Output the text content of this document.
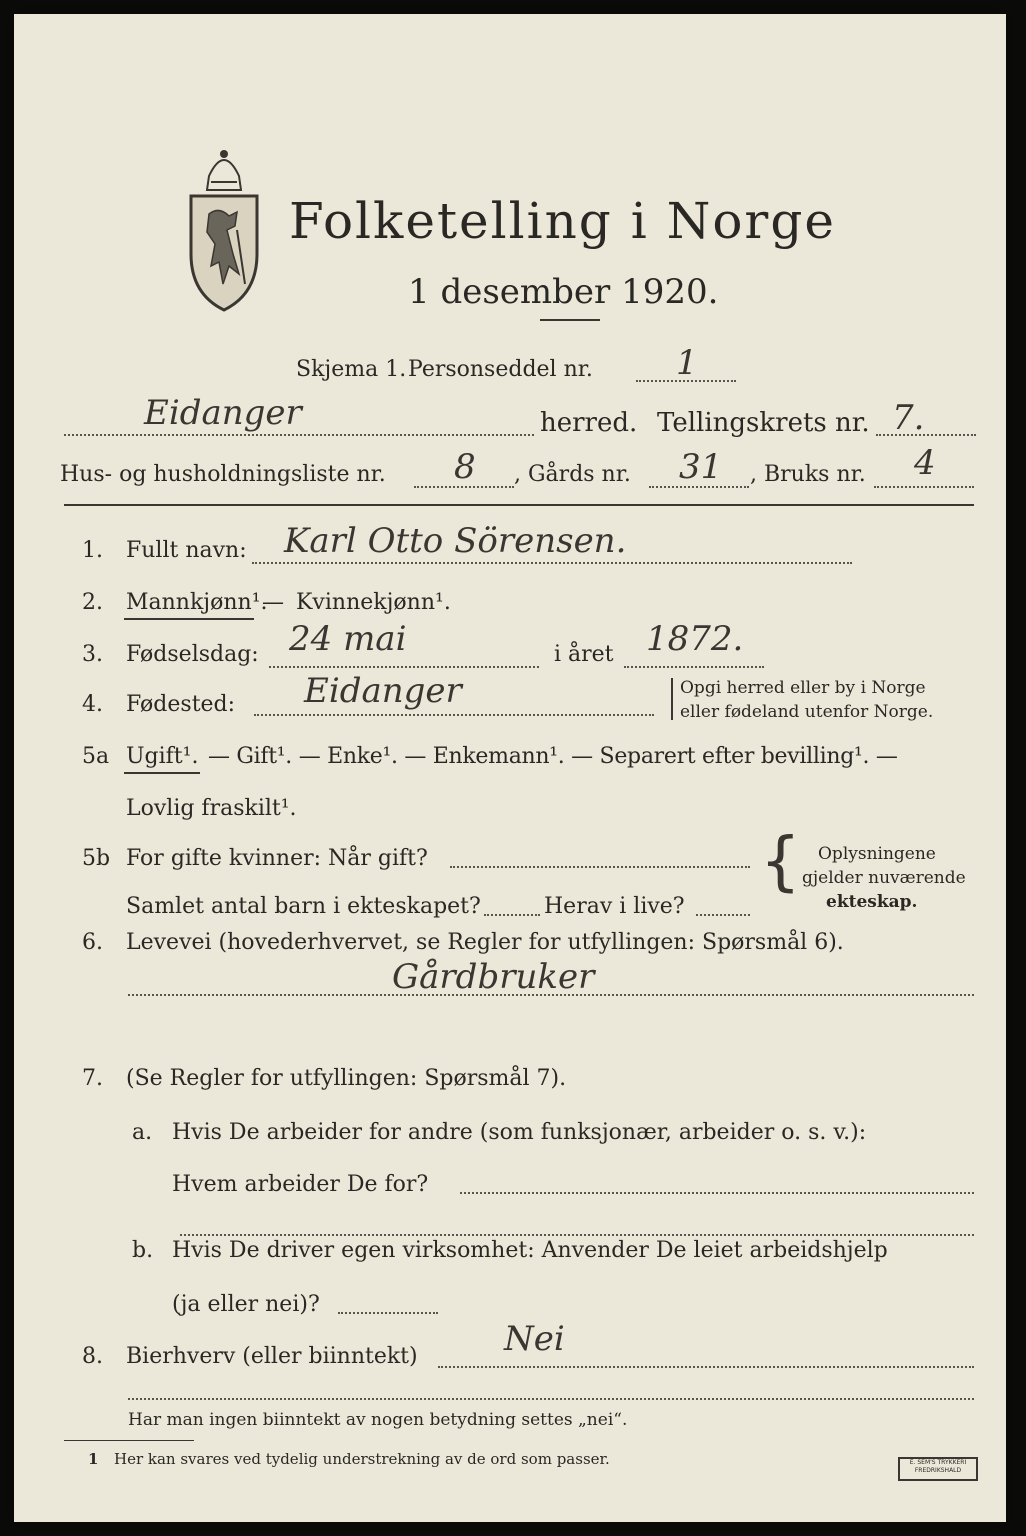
Folketelling i Norge
1 desember 1920.
Skjema 1. Personseddel nr. 1
Eidanger	herred. Tellingskrets nr. 7.
Hus- og husholdningsliste nr. 8 , Gårds nr. 31 , Bruks nr. 4
1. Fullt navn: Karl Otto Sörensen.
2. Mannkjønn¹.
— Kvinnekjønn¹.
3. Fødselsdag: 24 mai	i året 1872.
4. Fødested: Eidanger	Opgi herred eller by i Norge
eller fødeland utenfor Norge.
5a Ugift¹. — Gift¹. — Enke¹. — Enkemann¹. — Separert efter bevilling¹. —
Lovlig fraskilt¹.
5b For gifte kvinner: Når gift?
Samlet antal barn i ekteskapet?	Herav i live?
{ Oplysningene
gjelder nuværende
ekteskap.
6. Levevei (hovederhvervet, se Regler for utfyllingen: Spørsmål 6).
Gårdbruker
7. (Se Regler for utfyllingen: Spørsmål 7).
a. Hvis De arbeider for andre (som funksjonær, arbeider o. s. v.):
Hvem arbeider De for?
b. Hvis De driver egen virksomhet: Anvender De leiet arbeidshjelp
(ja eller nei)?
8. Bierhverv (eller biinntekt)	Nei
Har man ingen biinntekt av nogen betydning settes „nei“.
1 Her kan svares ved tydelig understrekning av de ord som passer.	E. SEM'S TRYKKERI FREDRIKSHALD
